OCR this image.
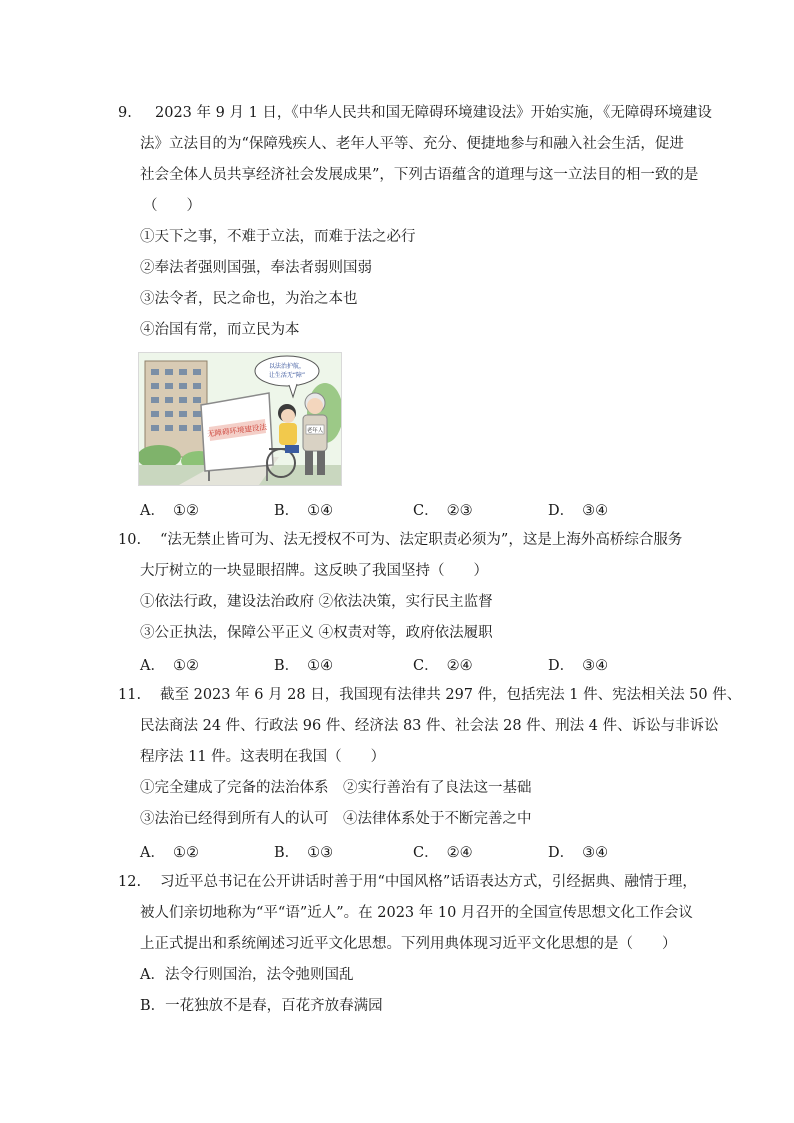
9. 2023 年 9 月 1 日，《中华人民共和国无障碍环境建设法》开始实施，《无障碍环境建设
法》立法目的为“保障残疾人、老年人平等、充分、便捷地参与和融入社会生活，促进
社会全体人员共享经济社会发展成果”，下列古语蕴含的道理与这一立法目的相一致的是
（　　）
①天下之事，不难于立法，而难于法之必行
②奉法者强则国强，奉法者弱则国弱
③法令者，民之命也，为治之本也
④治国有常，而立民为本
无障碍环境建设法
以法治护航，
让生活无“障”
老年人
A． ①②	B． ①④	C． ②③	D． ③④
10. “法无禁止皆可为、法无授权不可为、法定职责必须为”，这是上海外高桥综合服务
大厅树立的一块显眼招牌。这反映了我国坚持（　　）
①依法行政，建设法治政府 ②依法决策，实行民主监督
③公正执法，保障公平正义 ④权责对等，政府依法履职
A． ①②	B． ①④	C． ②④	D． ③④
11. 截至 2023 年 6 月 28 日，我国现有法律共 297 件，包括宪法 1 件、宪法相关法 50 件、
民法商法 24 件、行政法 96 件、经济法 83 件、社会法 28 件、刑法 4 件、诉讼与非诉讼
程序法 11 件。这表明在我国（　　）
①完全建成了完备的法治体系　②实行善治有了良法这一基础
③法治已经得到所有人的认可　④法律体系处于不断完善之中
A． ①②	B． ①③	C． ②④	D． ③④
12. 习近平总书记在公开讲话时善于用“中国风格”话语表达方式，引经据典、融情于理，
被人们亲切地称为“平“语”近人”。在 2023 年 10 月召开的全国宣传思想文化工作会议
上正式提出和系统阐述习近平文化思想。下列用典体现习近平文化思想的是（　　）
A．法令行则国治，法令弛则国乱
B．一花独放不是春，百花齐放春满园
